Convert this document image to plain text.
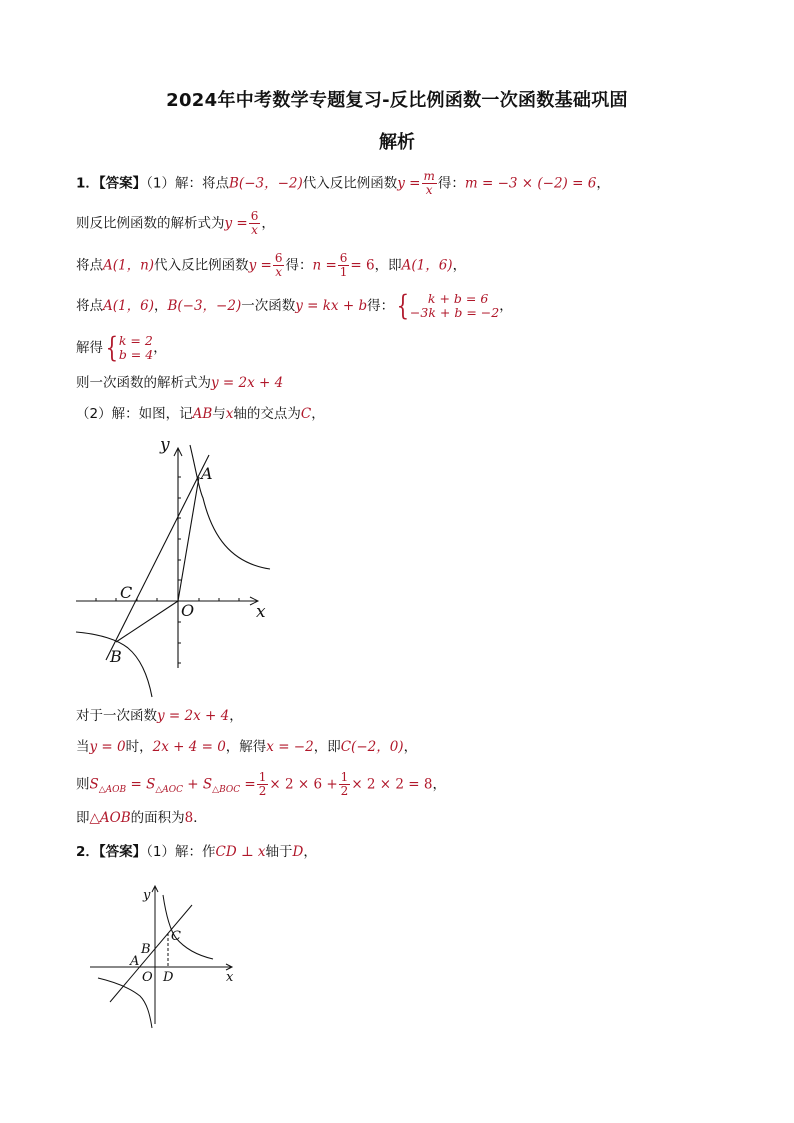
2024年中考数学专题复习-反比例函数一次函数基础巩固
解析
1．【答案】（1）解：将点B(−3，−2)代入反比例函数$y = \frac{m}{x}$ 得：m = −3 × (−2) = 6，
则反比例函数的解析式为$y = \frac{6}{x}$ ，
将点A(1，n)代入反比例函数$y = \frac{6}{x}$ 得：$n = \frac{6}{1} = 6$，即A(1，6)，
将点A(1，6)，B(−3，−2)一次函数y = kx + b得：{	k + b = 6
−3k + b = −2 ，
解得{ k = 2
b = 4 ，
则一次函数的解析式为y = 2x + 4
（2）解：如图，记AB与x轴的交点为C，
y
x
A
B
C
O
对于一次函数y = 2x + 4，
当y = 0时，2x + 4 = 0，解得x = −2，即C(−2，0)，
则$S_{\triangle AOB} = S_{\triangle AOC} + S_{\triangle BOC} = \frac{1}{2} \times 2 \times 6 + \frac{1}{2} \times 2 \times 2 = 8$，
即△AOB的面积为8．
2．【答案】（1）解：作CD ⊥ x轴于D，
y
x
A
B
C
O D
